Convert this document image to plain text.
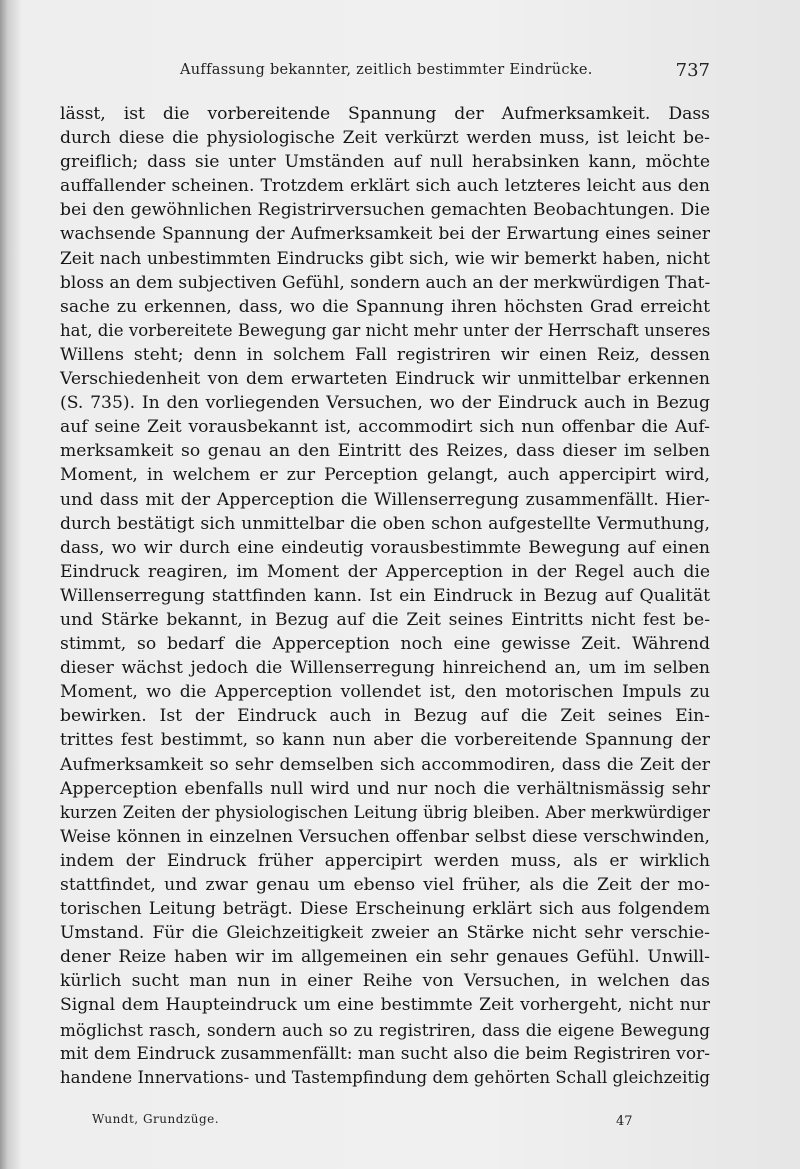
Auffassung bekannter, zeitlich bestimmter Eindrücke.	737
lässt, ist die vorbereitende Spannung der Aufmerksamkeit. Dass
durch diese die physiologische Zeit verkürzt werden muss, ist leicht be-
greiflich; dass sie unter Umständen auf null herabsinken kann, möchte
auffallender scheinen. Trotzdem erklärt sich auch letzteres leicht aus den
bei den gewöhnlichen Registrirversuchen gemachten Beobachtungen. Die
wachsende Spannung der Aufmerksamkeit bei der Erwartung eines seiner
Zeit nach unbestimmten Eindrucks gibt sich, wie wir bemerkt haben, nicht
bloss an dem subjectiven Gefühl, sondern auch an der merkwürdigen That-
sache zu erkennen, dass, wo die Spannung ihren höchsten Grad erreicht
hat, die vorbereitete Bewegung gar nicht mehr unter der Herrschaft unseres
Willens steht; denn in solchem Fall registriren wir einen Reiz, dessen
Verschiedenheit von dem erwarteten Eindruck wir unmittelbar erkennen
(S. 735). In den vorliegenden Versuchen, wo der Eindruck auch in Bezug
auf seine Zeit vorausbekannt ist, accommodirt sich nun offenbar die Auf-
merksamkeit so genau an den Eintritt des Reizes, dass dieser im selben
Moment, in welchem er zur Perception gelangt, auch appercipirt wird,
und dass mit der Apperception die Willenserregung zusammenfällt. Hier-
durch bestätigt sich unmittelbar die oben schon aufgestellte Vermuthung,
dass, wo wir durch eine eindeutig vorausbestimmte Bewegung auf einen
Eindruck reagiren, im Moment der Apperception in der Regel auch die
Willenserregung stattfinden kann. Ist ein Eindruck in Bezug auf Qualität
und Stärke bekannt, in Bezug auf die Zeit seines Eintritts nicht fest be-
stimmt, so bedarf die Apperception noch eine gewisse Zeit. Während
dieser wächst jedoch die Willenserregung hinreichend an, um im selben
Moment, wo die Apperception vollendet ist, den motorischen Impuls zu
bewirken. Ist der Eindruck auch in Bezug auf die Zeit seines Ein-
trittes fest bestimmt, so kann nun aber die vorbereitende Spannung der
Aufmerksamkeit so sehr demselben sich accommodiren, dass die Zeit der
Apperception ebenfalls null wird und nur noch die verhältnismässig sehr
kurzen Zeiten der physiologischen Leitung übrig bleiben. Aber merkwürdiger
Weise können in einzelnen Versuchen offenbar selbst diese verschwinden,
indem der Eindruck früher appercipirt werden muss, als er wirklich
stattfindet, und zwar genau um ebenso viel früher, als die Zeit der mo-
torischen Leitung beträgt. Diese Erscheinung erklärt sich aus folgendem
Umstand. Für die Gleichzeitigkeit zweier an Stärke nicht sehr verschie-
dener Reize haben wir im allgemeinen ein sehr genaues Gefühl. Unwill-
kürlich sucht man nun in einer Reihe von Versuchen, in welchen das
Signal dem Haupteindruck um eine bestimmte Zeit vorhergeht, nicht nur
möglichst rasch, sondern auch so zu registriren, dass die eigene Bewegung
mit dem Eindruck zusammenfällt: man sucht also die beim Registriren vor-
handene Innervations- und Tastempfindung dem gehörten Schall gleichzeitig
Wundt, Grundzüge.	47
